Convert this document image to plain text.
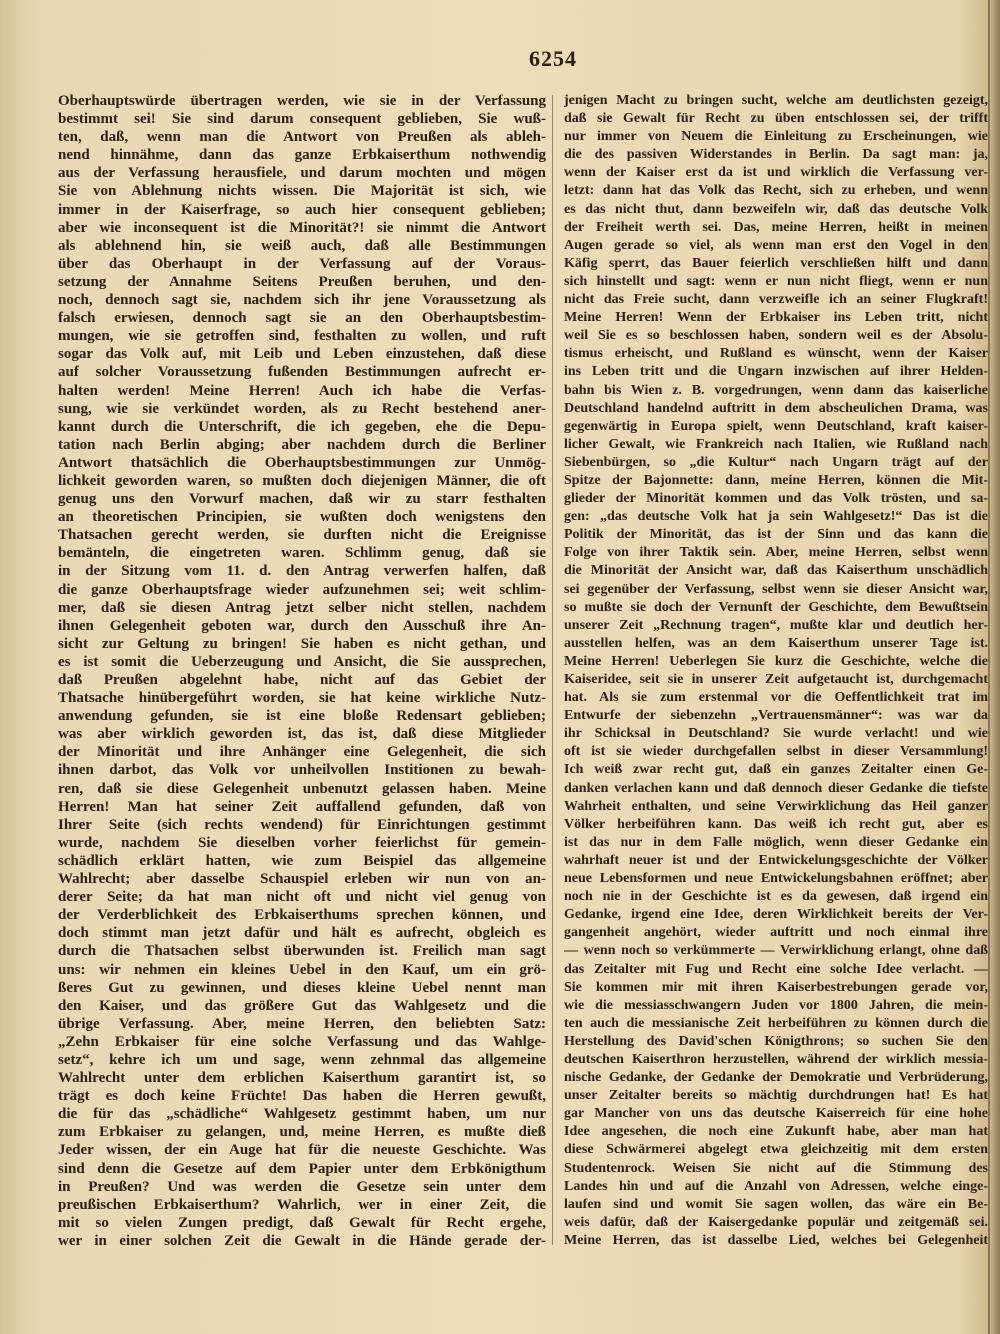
6254
Oberhauptswürde übertragen werden, wie sie in der Verfassung
bestimmt sei! Sie sind darum consequent geblieben, Sie wuß-
ten, daß, wenn man die Antwort von Preußen als ableh-
nend hinnähme, dann das ganze Erbkaiserthum nothwendig
aus der Verfassung herausfiele, und darum mochten und mögen
Sie von Ablehnung nichts wissen. Die Majorität ist sich, wie
immer in der Kaiserfrage, so auch hier consequent geblieben;
aber wie inconsequent ist die Minorität?! sie nimmt die Antwort
als ablehnend hin, sie weiß auch, daß alle Bestimmungen
über das Oberhaupt in der Verfassung auf der Voraus-
setzung der Annahme Seitens Preußen beruhen, und den-
noch, dennoch sagt sie, nachdem sich ihr jene Voraussetzung als
falsch erwiesen, dennoch sagt sie an den Oberhauptsbestim-
mungen, wie sie getroffen sind, festhalten zu wollen, und ruft
sogar das Volk auf, mit Leib und Leben einzustehen, daß diese
auf solcher Voraussetzung fußenden Bestimmungen aufrecht er-
halten werden! Meine Herren! Auch ich habe die Verfas-
sung, wie sie verkündet worden, als zu Recht bestehend aner-
kannt durch die Unterschrift, die ich gegeben, ehe die Depu-
tation nach Berlin abging; aber nachdem durch die Berliner
Antwort thatsächlich die Oberhauptsbestimmungen zur Unmög-
lichkeit geworden waren, so mußten doch diejenigen Männer, die oft
genug uns den Vorwurf machen, daß wir zu starr festhalten
an theoretischen Principien, sie wußten doch wenigstens den
Thatsachen gerecht werden, sie durften nicht die Ereignisse
bemänteln, die eingetreten waren. Schlimm genug, daß sie
in der Sitzung vom 11. d. den Antrag verwerfen halfen, daß
die ganze Oberhauptsfrage wieder aufzunehmen sei; weit schlim-
mer, daß sie diesen Antrag jetzt selber nicht stellen, nachdem
ihnen Gelegenheit geboten war, durch den Ausschuß ihre An-
sicht zur Geltung zu bringen! Sie haben es nicht gethan, und
es ist somit die Ueberzeugung und Ansicht, die Sie aussprechen,
daß Preußen abgelehnt habe, nicht auf das Gebiet der
Thatsache hinübergeführt worden, sie hat keine wirkliche Nutz-
anwendung gefunden, sie ist eine bloße Redensart geblieben;
was aber wirklich geworden ist, das ist, daß diese Mitglieder
der Minorität und ihre Anhänger eine Gelegenheit, die sich
ihnen darbot, das Volk vor unheilvollen Institionen zu bewah-
ren, daß sie diese Gelegenheit unbenutzt gelassen haben. Meine
Herren! Man hat seiner Zeit auffallend gefunden, daß von
Ihrer Seite (sich rechts wendend) für Einrichtungen gestimmt
wurde, nachdem Sie dieselben vorher feierlichst für gemein-
schädlich erklärt hatten, wie zum Beispiel das allgemeine
Wahlrecht; aber dasselbe Schauspiel erleben wir nun von an-
derer Seite; da hat man nicht oft und nicht viel genug von
der Verderblichkeit des Erbkaiserthums sprechen können, und
doch stimmt man jetzt dafür und hält es aufrecht, obgleich es
durch die Thatsachen selbst überwunden ist. Freilich man sagt
uns: wir nehmen ein kleines Uebel in den Kauf, um ein grö-
ßeres Gut zu gewinnen, und dieses kleine Uebel nennt man
den Kaiser, und das größere Gut das Wahlgesetz und die
übrige Verfassung. Aber, meine Herren, den beliebten Satz:
„Zehn Erbkaiser für eine solche Verfassung und das Wahlge-
setz“, kehre ich um und sage, wenn zehnmal das allgemeine
Wahlrecht unter dem erblichen Kaiserthum garantirt ist, so
trägt es doch keine Früchte! Das haben die Herren gewußt,
die für das „schädliche“ Wahlgesetz gestimmt haben, um nur
zum Erbkaiser zu gelangen, und, meine Herren, es mußte dieß
Jeder wissen, der ein Auge hat für die neueste Geschichte. Was
sind denn die Gesetze auf dem Papier unter dem Erbkönigthum
in Preußen? Und was werden die Gesetze sein unter dem
preußischen Erbkaiserthum? Wahrlich, wer in einer Zeit, die
mit so vielen Zungen predigt, daß Gewalt für Recht ergehe,
wer in einer solchen Zeit die Gewalt in die Hände gerade der-
jenigen Macht zu bringen sucht, welche am deutlichsten gezeigt,
daß sie Gewalt für Recht zu üben entschlossen sei, der trifft
nur immer von Neuem die Einleitung zu Erscheinungen, wie
die des passiven Widerstandes in Berlin. Da sagt man: ja,
wenn der Kaiser erst da ist und wirklich die Verfassung ver-
letzt: dann hat das Volk das Recht, sich zu erheben, und wenn
es das nicht thut, dann bezweifeln wir, daß das deutsche Volk
der Freiheit werth sei. Das, meine Herren, heißt in meinen
Augen gerade so viel, als wenn man erst den Vogel in den
Käfig sperrt, das Bauer feierlich verschließen hilft und dann
sich hinstellt und sagt: wenn er nun nicht fliegt, wenn er nun
nicht das Freie sucht, dann verzweifle ich an seiner Flugkraft!
Meine Herren! Wenn der Erbkaiser ins Leben tritt, nicht
weil Sie es so beschlossen haben, sondern weil es der Absolu-
tismus erheischt, und Rußland es wünscht, wenn der Kaiser
ins Leben tritt und die Ungarn inzwischen auf ihrer Helden-
bahn bis Wien z. B. vorgedrungen, wenn dann das kaiserliche
Deutschland handelnd auftritt in dem abscheulichen Drama, was
gegenwärtig in Europa spielt, wenn Deutschland, kraft kaiser-
licher Gewalt, wie Frankreich nach Italien, wie Rußland nach
Siebenbürgen, so „die Kultur“ nach Ungarn trägt auf der
Spitze der Bajonnette: dann, meine Herren, können die Mit-
glieder der Minorität kommen und das Volk trösten, und sa-
gen: „das deutsche Volk hat ja sein Wahlgesetz!“ Das ist die
Politik der Minorität, das ist der Sinn und das kann die
Folge von ihrer Taktik sein. Aber, meine Herren, selbst wenn
die Minorität der Ansicht war, daß das Kaiserthum unschädlich
sei gegenüber der Verfassung, selbst wenn sie dieser Ansicht war,
so mußte sie doch der Vernunft der Geschichte, dem Bewußtsein
unserer Zeit „Rechnung tragen“, mußte klar und deutlich her-
ausstellen helfen, was an dem Kaiserthum unserer Tage ist.
Meine Herren! Ueberlegen Sie kurz die Geschichte, welche die
Kaiseridee, seit sie in unserer Zeit aufgetaucht ist, durchgemacht
hat. Als sie zum erstenmal vor die Oeffentlichkeit trat im
Entwurfe der siebenzehn „Vertrauensmänner“: was war da
ihr Schicksal in Deutschland? Sie wurde verlacht! und wie
oft ist sie wieder durchgefallen selbst in dieser Versammlung!
Ich weiß zwar recht gut, daß ein ganzes Zeitalter einen Ge-
danken verlachen kann und daß dennoch dieser Gedanke die tiefste
Wahrheit enthalten, und seine Verwirklichung das Heil ganzer
Völker herbeiführen kann. Das weiß ich recht gut, aber es
ist das nur in dem Falle möglich, wenn dieser Gedanke ein
wahrhaft neuer ist und der Entwickelungsgeschichte der Völker
neue Lebensformen und neue Entwickelungsbahnen eröffnet; aber
noch nie in der Geschichte ist es da gewesen, daß irgend ein
Gedanke, irgend eine Idee, deren Wirklichkeit bereits der Ver-
gangenheit angehört, wieder auftritt und noch einmal ihre
— wenn noch so verkümmerte — Verwirklichung erlangt, ohne daß
das Zeitalter mit Fug und Recht eine solche Idee verlacht. —
Sie kommen mir mit ihren Kaiserbestrebungen gerade vor,
wie die messiasschwangern Juden vor 1800 Jahren, die mein-
ten auch die messianische Zeit herbeiführen zu können durch die
Herstellung des David'schen Königthrons; so suchen Sie den
deutschen Kaiserthron herzustellen, während der wirklich messia-
nische Gedanke, der Gedanke der Demokratie und Verbrüderung,
unser Zeitalter bereits so mächtig durchdrungen hat! Es hat
gar Mancher von uns das deutsche Kaiserreich für eine hohe
Idee angesehen, die noch eine Zukunft habe, aber man hat
diese Schwärmerei abgelegt etwa gleichzeitig mit dem ersten
Studentenrock. Weisen Sie nicht auf die Stimmung des
Landes hin und auf die Anzahl von Adressen, welche einge-
laufen sind und womit Sie sagen wollen, das wäre ein Be-
weis dafür, daß der Kaisergedanke populär und zeitgemäß sei.
Meine Herren, das ist dasselbe Lied, welches bei Gelegenheit
